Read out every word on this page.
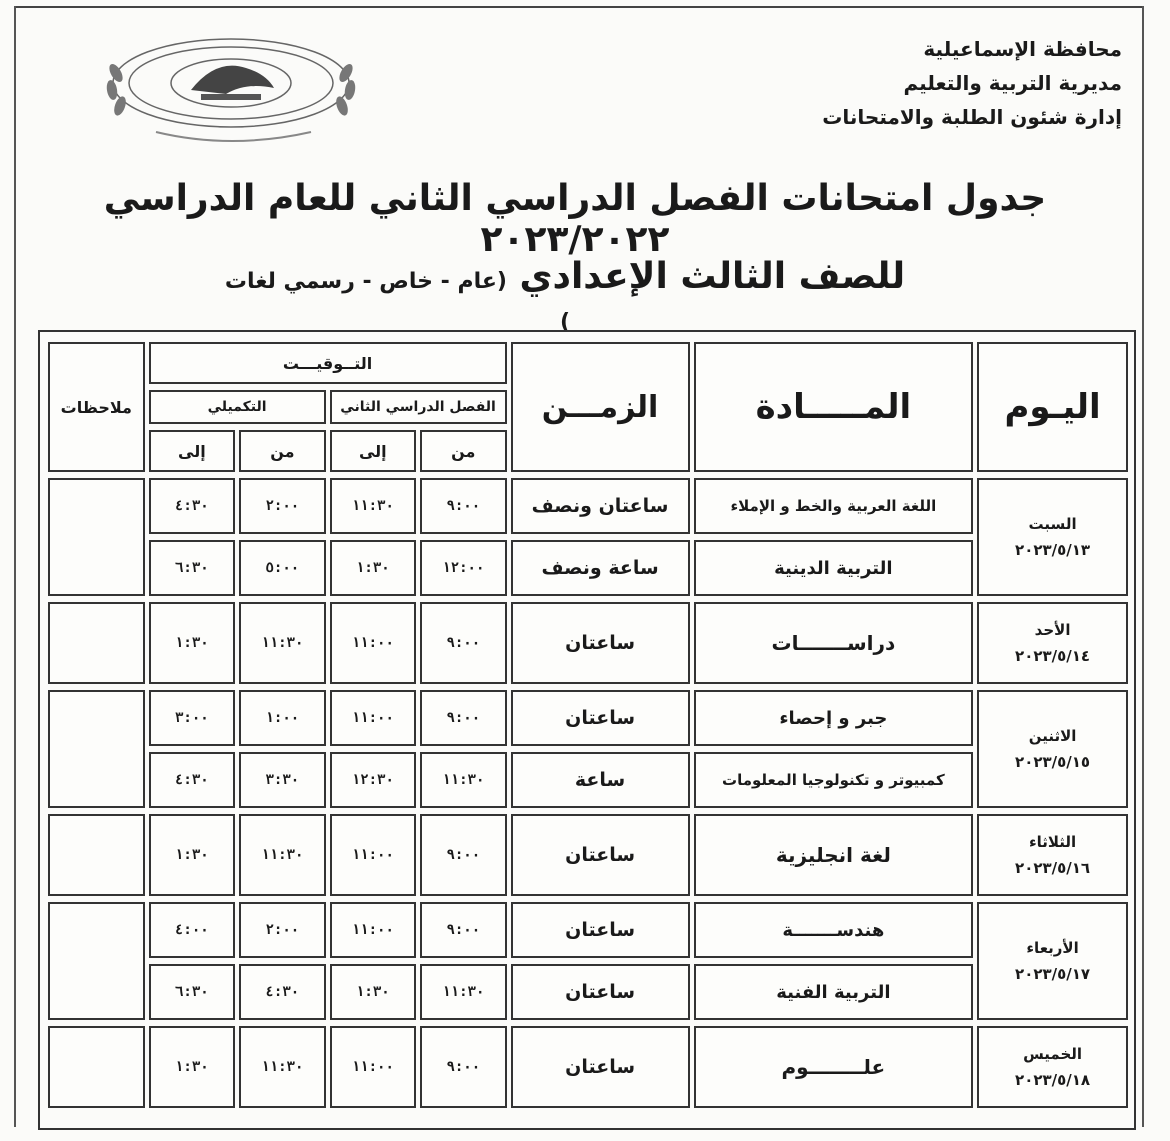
محافظة الإسماعيلية
مديرية التربية والتعليم
إدارة شئون الطلبة والامتحانات
جدول امتحانات الفصل الدراسي الثاني للعام الدراسي ٢٠٢٣/٢٠٢٢
للصف الثالث الإعدادي (عام - خاص - رسمي لغات )
اليـوم	المـــــادة	الزمـــن	التــوقيـــت				ملاحظات
			الفصل الدراسي الثاني		التكميلي		
			من	إلى	من	إلى	

السبت
٢٠٢٣/٥/١٣	اللغة العربية والخط و الإملاء	ساعتان ونصف	٩:٠٠	١١:٣٠	٢:٠٠	٤:٣٠	
	التربية الدينية	ساعة ونصف	١٢:٠٠	١:٣٠	٥:٠٠	٦:٣٠	

الأحد
٢٠٢٣/٥/١٤	دراســـــــات	ساعتان	٩:٠٠	١١:٠٠	١١:٣٠	١:٣٠	

الاثنين
٢٠٢٣/٥/١٥	جبر و إحصاء	ساعتان	٩:٠٠	١١:٠٠	١:٠٠	٣:٠٠	
	كمبيوتر و تكنولوجيا المعلومات	ساعة	١١:٣٠	١٢:٣٠	٣:٣٠	٤:٣٠	

الثلاثاء
٢٠٢٣/٥/١٦	لغة انجليزية	ساعتان	٩:٠٠	١١:٠٠	١١:٣٠	١:٣٠	

الأربعاء
٢٠٢٣/٥/١٧	هندســـــــة	ساعتان	٩:٠٠	١١:٠٠	٢:٠٠	٤:٠٠	
	التربية الفنية	ساعتان	١١:٣٠	١:٣٠	٤:٣٠	٦:٣٠	

الخميس
٢٠٢٣/٥/١٨	علــــــــوم	ساعتان	٩:٠٠	١١:٠٠	١١:٣٠	١:٣٠	
